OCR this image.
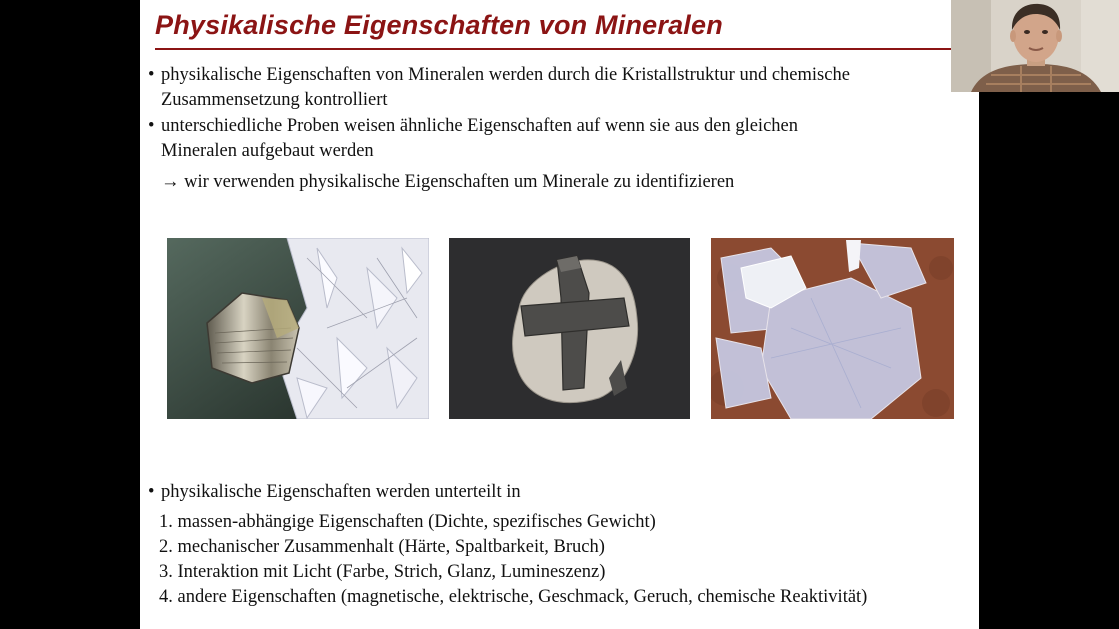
Physikalische Eigenschaften von Mineralen
• physikalische Eigenschaften von Mineralen werden durch die Kristallstruktur und chemische
Zusammensetzung kontrolliert
• unterschiedliche Proben weisen ähnliche Eigenschaften auf wenn sie aus den gleichen
Mineralen aufgebaut werden
→ wir verwenden physikalische Eigenschaften um Minerale zu identifizieren
• physikalische Eigenschaften werden unterteilt in
1. massen-abhängige Eigenschaften (Dichte, spezifisches Gewicht)
2. mechanischer Zusammenhalt (Härte, Spaltbarkeit, Bruch)
3. Interaktion mit Licht (Farbe, Strich, Glanz, Lumineszenz)
4. andere Eigenschaften (magnetische, elektrische, Geschmack, Geruch, chemische Reaktivität)
